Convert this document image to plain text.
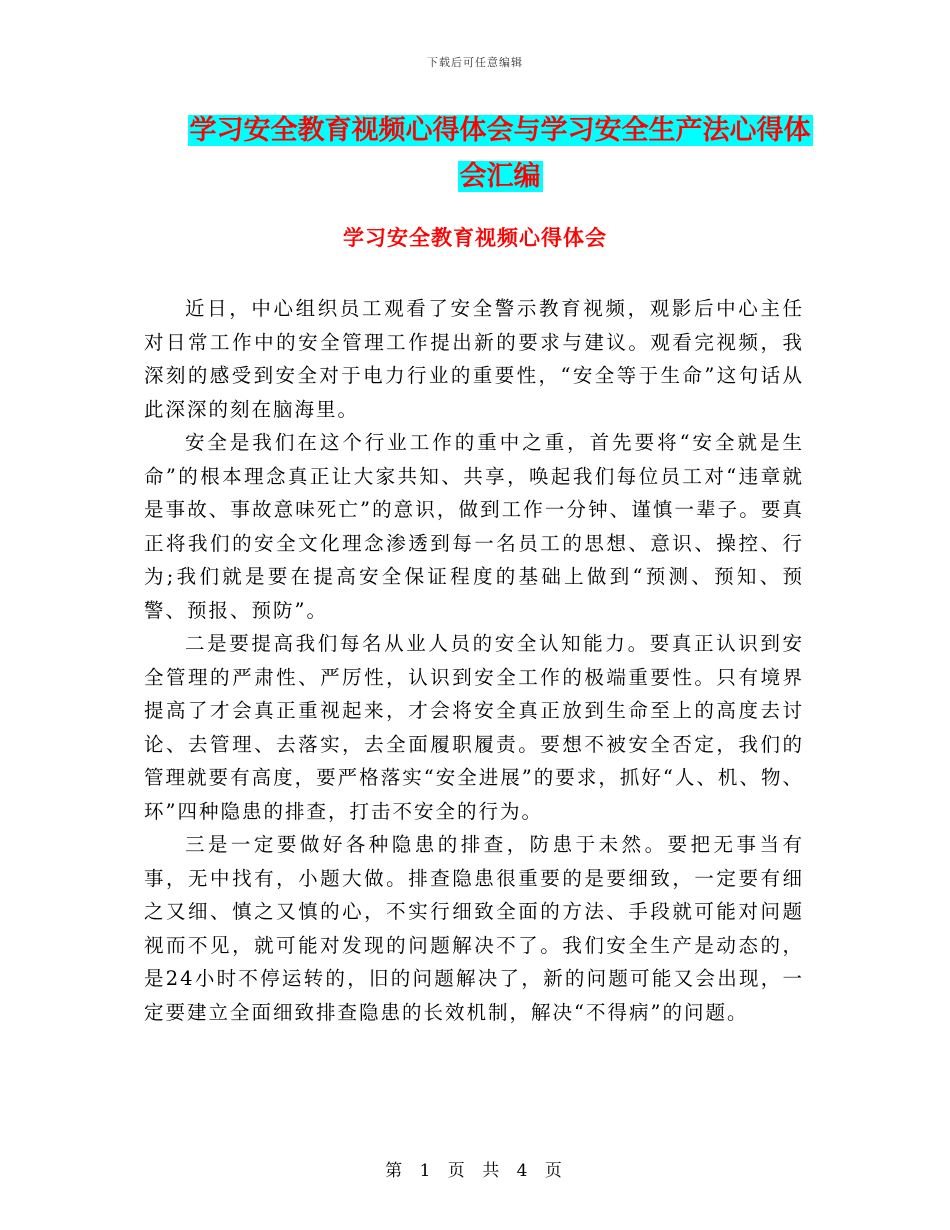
下载后可任意编辑
学习安全教育视频心得体会与学习安全生产法心得体
会汇编
学习安全教育视频心得体会

近日，中心组织员工观看了安全警示教育视频，观影后中心主任对日常工作中的安全管理工作提出新的要求与建议。观看完视频，我深刻的感受到安全对于电力行业的重要性，“安全等于生命”这句话从此深深的刻在脑海里。

安全是我们在这个行业工作的重中之重，首先要将“安全就是生命”的根本理念真正让大家共知、共享，唤起我们每位员工对“违章就是事故、事故意味死亡”的意识，做到工作一分钟、谨慎一辈子。要真正将我们的安全文化理念渗透到每一名员工的思想、意识、操控、行为;我们就是要在提高安全保证程度的基础上做到“预测、预知、预警、预报、预防”。

二是要提高我们每名从业人员的安全认知能力。要真正认识到安全管理的严肃性、严厉性，认识到安全工作的极端重要性。只有境界提高了才会真正重视起来，才会将安全真正放到生命至上的高度去讨论、去管理、去落实，去全面履职履责。要想不被安全否定，我们的管理就要有高度，要严格落实“安全进展”的要求，抓好“人、机、物、环”四种隐患的排查，打击不安全的行为。

三是一定要做好各种隐患的排查，防患于未然。要把无事当有事，无中找有，小题大做。排查隐患很重要的是要细致，一定要有细之又细、慎之又慎的心，不实行细致全面的方法、手段就可能对问题视而不见，就可能对发现的问题解决不了。我们安全生产是动态的，是24小时不停运转的，旧的问题解决了，新的问题可能又会出现，一定要建立全面细致排查隐患的长效机制，解决“不得病”的问题。

第 1 页 共 4 页
